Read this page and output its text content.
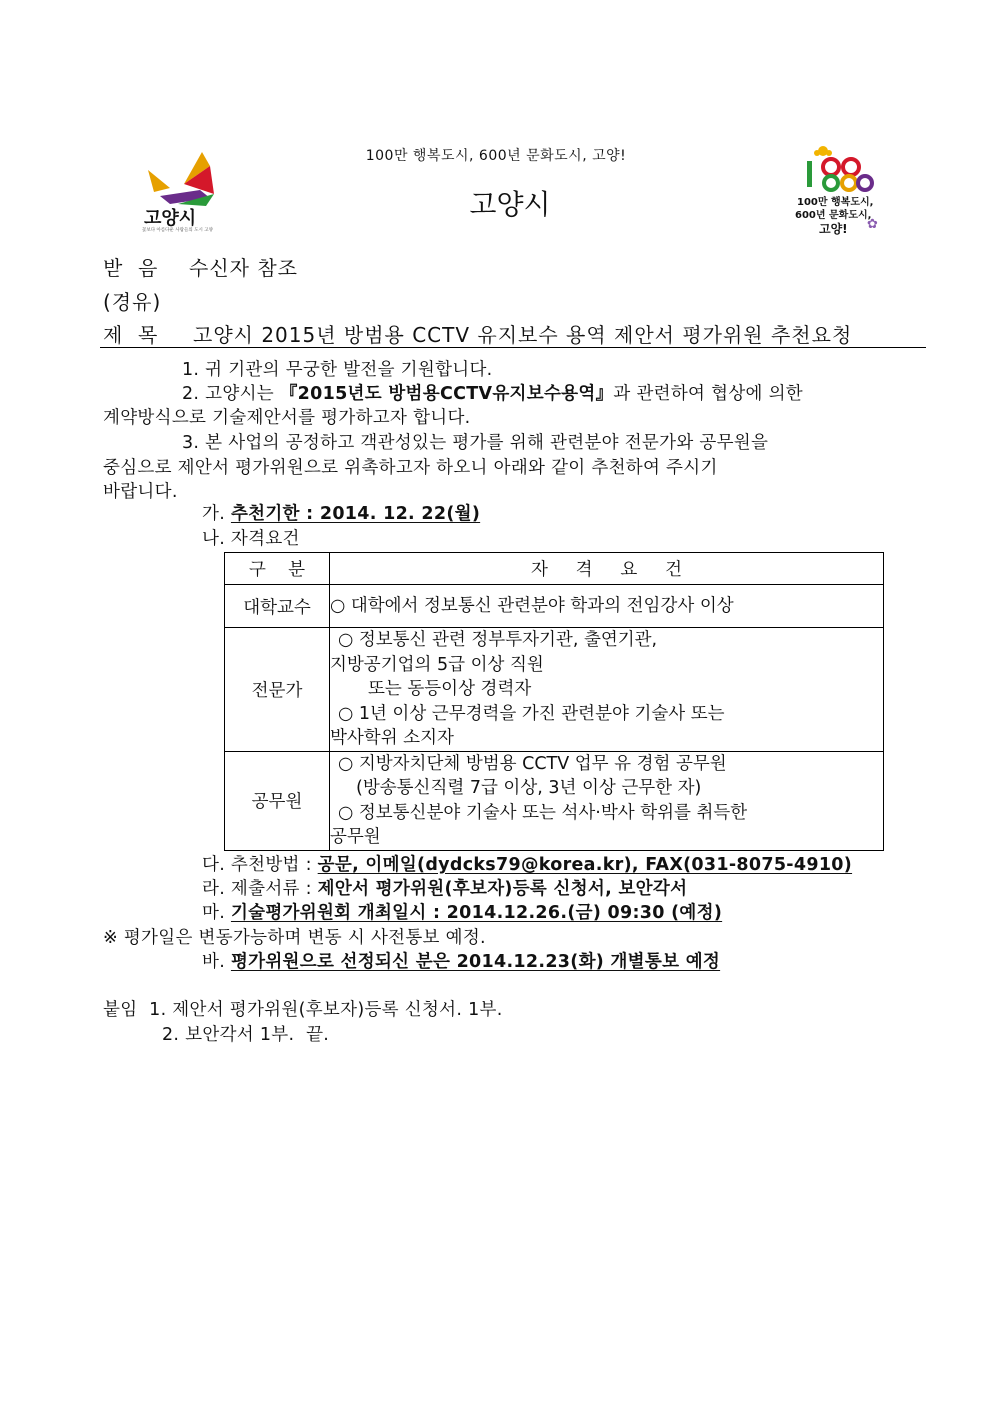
100만 행복도시, 600년 문화도시, 고양!
고양시
고양시
꽃보다 아름다운 사람들의 도시 고양
100만 행복도시,
600년 문화도시,
고양! ✿
받  음 수신자 참조
(경유)
제  목 고양시 2015년 방범용 CCTV 유지보수 용역 제안서 평가위원 추천요청
1. 귀 기관의 무궁한 발전을 기원합니다.
2. 고양시는 『2015년도 방범용CCTV유지보수용역』과 관련하여 협상에 의한
계약방식으로 기술제안서를 평가하고자 합니다.
3. 본 사업의 공정하고 객관성있는 평가를 위해 관련분야 전문가와 공무원을
중심으로 제안서 평가위원으로 위촉하고자 하오니 아래와 같이 추천하여 주시기
바랍니다.
가. 추천기한 : 2014. 12. 22(월)
나. 자격요건
구    분	자     격     요     건
대학교수	○ 대학에서 정보통신 관련분야 학과의 전임강사 이상
전문가	○ 정보통신 관련 정부투자기관, 출연기관,
지방공기업의 5급 이상 직원
또는 동등이상 경력자
○ 1년 이상 근무경력을 가진 관련분야 기술사 또는
박사학위 소지자

공무원	○ 지방자치단체 방범용 CCTV 업무 유 경험 공무원
(방송통신직렬 7급 이상, 3년 이상 근무한 자)
○ 정보통신분야 기술사 또는 석사·박사 학위를 취득한
공무원
다. 추천방법 : 공문, 이메일(dydcks79@korea.kr), FAX(031-8075-4910)
라. 제출서류 : 제안서 평가위원(후보자)등록 신청서, 보안각서
마. 기술평가위원회 개최일시 : 2014.12.26.(금) 09:30 (예정)
※ 평가일은 변동가능하며 변동 시 사전통보 예정.
바. 평가위원으로 선정되신 분은 2014.12.23(화) 개별통보 예정
붙임  1. 제안서 평가위원(후보자)등록 신청서. 1부.
2. 보안각서 1부.  끝.
